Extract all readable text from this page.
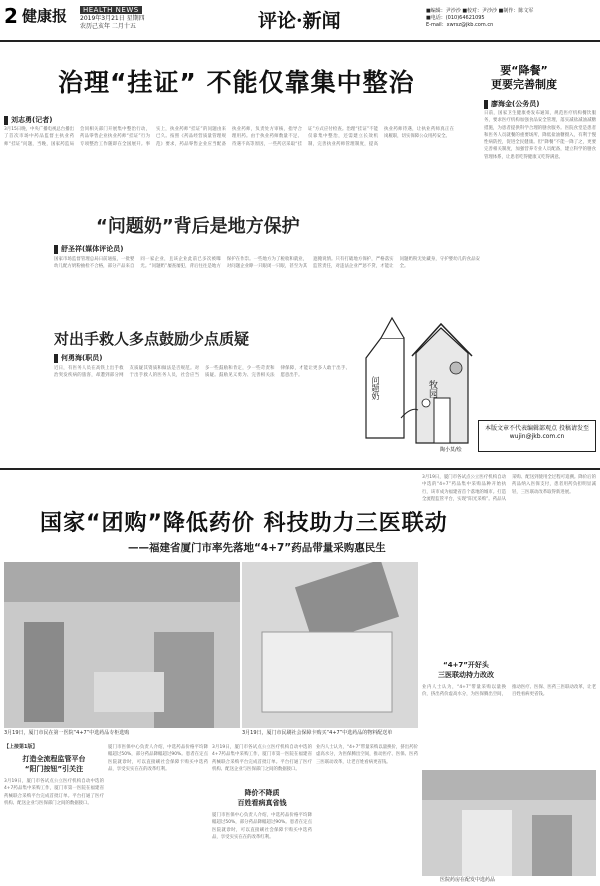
2 健康报	HEALTH NEWS
2019年3月21日 星期四
农历己亥年 二月十五	评论·新闻	■编辑：尹沙沙 ■校对：尹沙沙 ■制作：陈文军
■电话：(010)64621095
E-mail：xwrsz@jkb.com.cn
治理“挂证” 不能仅靠集中整治
刘志勇(记者)
3月15日晚，中央广播电视总台播出了首次市场中药品监督主执业药师“挂证”问题，当晚，国家药监局会同相关部门开展集中整治行动，药品零售企业执业药师“挂证”行为专项整治工作随即在全国展开。事实上，执业药师“挂证”的问题由来已久。按照《药品经营质量管理规范》要求，药品零售企业应当配备执业药师，负责处方审核，指导合理用药。由于执业药师数量不足、待遇不高等原因，一些药店采取“挂证”方式应付检查。治理“挂证”不能仅靠集中整治，还需建立长效机制，完善执业药师管理制度，提高执业药师待遇，让执业药师真正在岗履职，切实保障公众用药安全。
要“降餐”
更要完善制度
廖海金(公务员)
日前，国家卫生健康委发布通知，规范医疗机构餐饮服务，要求医疗机构加强食品安全管理，落实减盐减油减糖措施，为患者提供科学合理的膳食服务。医院食堂是患者和医务人员就餐的重要场所，降低盐油糖摄入，有利于慢性病防控，促进全民健康。但“降餐”不能一降了之，更要完善相关制度，加强营养专业人员配备，建立科学的膳食管理体系，让患者吃得健康又吃得满意。
本版文章不代表编辑部观点 投稿请发至 wujin@jkb.com.cn
“问题奶”背后是地方保护
舒圣祥(媒体评论员)
国家市场监督管理总局日前通报，一批婴幼儿配方奶粉抽检不合格，部分产品来自同一家企业，且该企业此前已多次被曝光。“问题奶”屡查屡犯，背后往往是地方保护在作祟。一些地方为了税收和就业，对问题企业睁一只眼闭一只眼，甚至为其遮掩说情。只有打破地方保护，严格落实监管责任，对违法企业严惩不贷，才能让问题奶粉无处藏身，守护婴幼儿的食品安全。
对出手救人多点鼓励少点质疑
何勇海(职员)
近日，有医务人员在高铁上出手救治突发疾病的旅客，却遭到部分网友质疑其资质和做法是否规范。对于出手救人的医务人员，社会应当多一些鼓励和肯定，少一些苛责和质疑。鼓励见义勇为、完善相关法律保障，才能让更多人敢于出手、愿意出手。
问题奶	牧园
陶小莫/绘
国家“团购”降低药价 科技助力三医联动
——福建省厦门市率先落地“4+7”药品带量采购惠民生
3月19日，厦门市民在第一医院“4+7”中选药品专柜选购	3月19日，厦门市民刷社会保障卡购买“4+7”中选药品的物料配送单
3月19日，厦门市各试点公立医疗机构自动中选的“4+7”药品集中采购品种开始执行，该市成为福建省首个落地的城市。打造全流程监管平台，实现“阳光采购”。药品从采购、配送到使用全过程可追溯。降价后的药品纳入医保支付，患者用药负担明显减轻，三医联动改革取得新进展。
“4+7”开好头
三医联动持力改改
业内人士认为，“4+7”带量采购以量换价，挤出药价虚高水分，为医保腾出空间，推动医疗、医保、医药三医联动改革，让老百姓看病更省钱。
医院药房在配发中选药品
【上接第1版】
打造全流程监管平台
“阳门按钮”引关注
3月19日，厦门市各试点公立医疗机构自动中选的4+7药品集中采购工作，厦门市第一医院在福建省药械联合采购平台完成首批订单。平台打通了医疗机构、配送企业与医保部门之间的数据接口。
厦门市医保中心负责人介绍，中选药品价格平均降幅超过50%，部分药品降幅超过90%。患者在定点医院就诊时，可以直接刷社会保障卡购买中选药品，享受实实在在的改革红利。
降价不降质
百姓看病真省钱
3月19日，厦门市各试点公立医疗机构自动中选的4+7药品集中采购工作，厦门市第一医院在福建省药械联合采购平台完成首批订单。平台打通了医疗机构、配送企业与医保部门之间的数据接口。
厦门市医保中心负责人介绍，中选药品价格平均降幅超过50%，部分药品降幅超过90%。患者在定点医院就诊时，可以直接刷社会保障卡购买中选药品，享受实实在在的改革红利。
业内人士认为，“4+7”带量采购以量换价，挤出药价虚高水分，为医保腾出空间，推动医疗、医保、医药三医联动改革，让老百姓看病更省钱。
